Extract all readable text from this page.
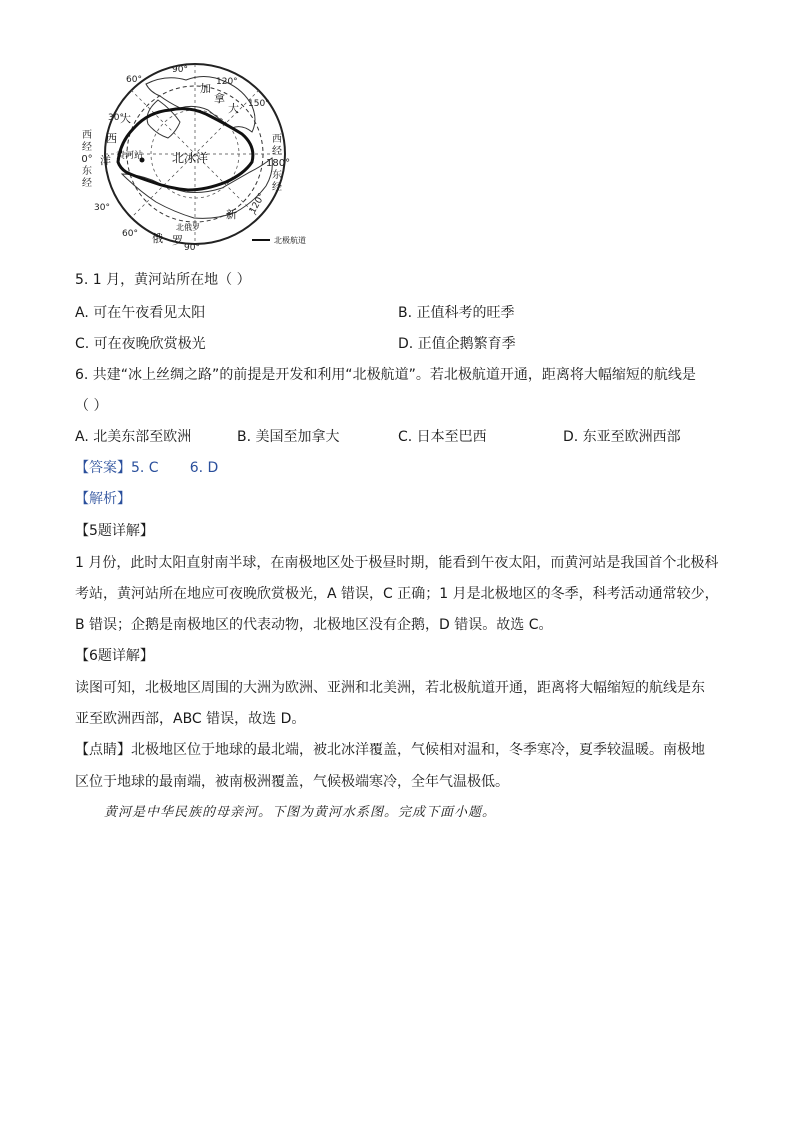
90°
60°	120°
150°
120°
90°
60°
30°
30°
加
拿
大
大
西
洋 黄河站 北冰洋
新
北俄罗
俄 罗	北极航道
西
经
0°
东
经
西
经
180°
东
经
5. 1 月，黄河站所在地（ ）
A. 可在午夜看见太阳	B. 正值科考的旺季
C. 可在夜晚欣赏极光	D. 正值企鹅繁育季
6. 共建“冰上丝绸之路”的前提是开发和利用“北极航道”。若北极航道开通，距离将大幅缩短的航线是
（ ）
A. 北美东部至欧洲	B. 美国至加拿大	C. 日本至巴西	D. 东亚至欧洲西部
【答案】5. C       6. D
【解析】
【5题详解】
1 月份，此时太阳直射南半球，在南极地区处于极昼时期，能看到午夜太阳，而黄河站是我国首个北极科
考站，黄河站所在地应可夜晚欣赏极光，A 错误，C 正确；1 月是北极地区的冬季，科考活动通常较少，
B 错误；企鹅是南极地区的代表动物，北极地区没有企鹅，D 错误。故选 C。
【6题详解】
读图可知，北极地区周围的大洲为欧洲、亚洲和北美洲，若北极航道开通，距离将大幅缩短的航线是东
亚至欧洲西部，ABC 错误，故选 D。
【点睛】北极地区位于地球的最北端，被北冰洋覆盖，气候相对温和，冬季寒冷，夏季较温暖。南极地
区位于地球的最南端，被南极洲覆盖，气候极端寒冷，全年气温极低。
黄河是中华民族的母亲河。下图为黄河水系图。完成下面小题。
